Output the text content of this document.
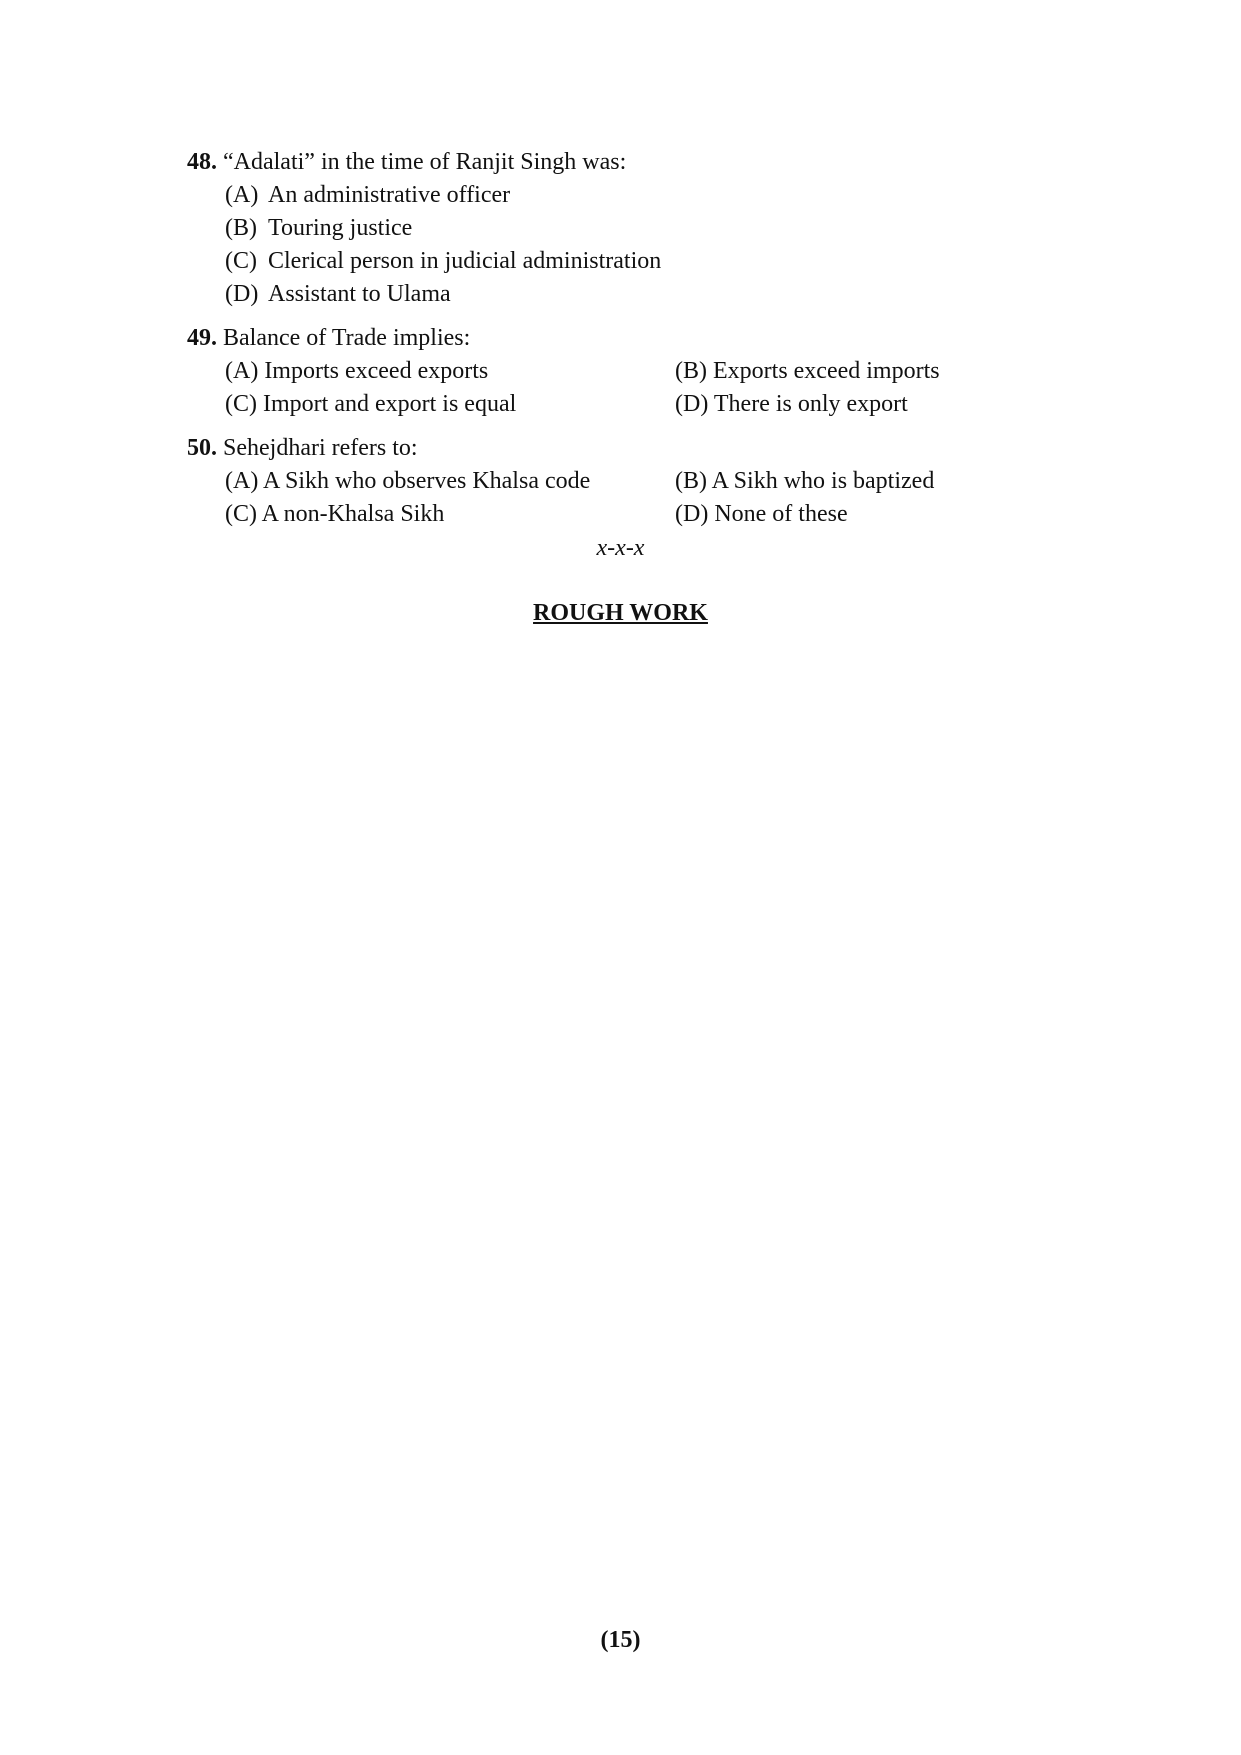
48. “Adalati” in the time of Ranjit Singh was:
(A) An administrative officer
(B) Touring justice
(C) Clerical person in judicial administration
(D) Assistant to Ulama
49. Balance of Trade implies:
(A) Imports exceed exports	(B) Exports exceed imports
(C) Import and export is equal	(D) There is only export
50. Sehejdhari refers to:
(A) A Sikh who observes Khalsa code	(B) A Sikh who is baptized
(C) A non-Khalsa Sikh	(D) None of these
x-x-x
ROUGH WORK
(15)
